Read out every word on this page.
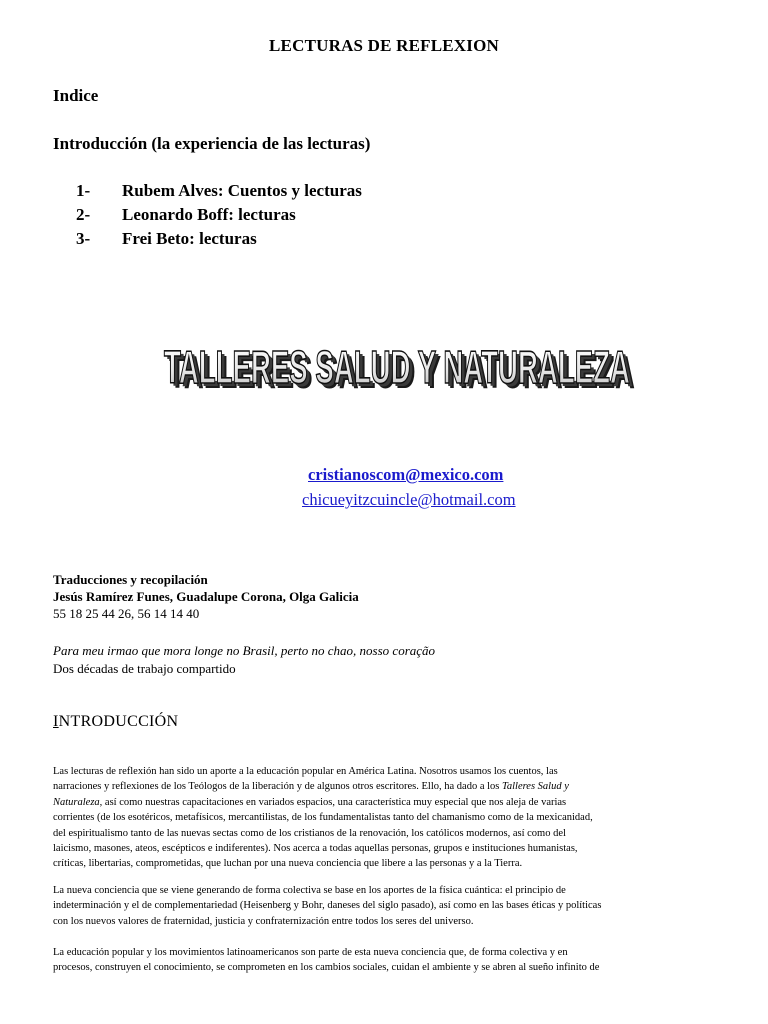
LECTURAS DE REFLEXION
Indice
Introducción (la experiencia de las lecturas)
1- Rubem Alves: Cuentos y lecturas
2- Leonardo Boff: lecturas
3- Frei Beto: lecturas
TALLERES SALUD Y NATURALEZA
TALLERES SALUD Y NATURALEZA
TALLERES SALUD Y NATURALEZA
cristianoscom@mexico.com
chicueyitzcuincle@hotmail.com
Traducciones y recopilación
Jesús Ramírez Funes, Guadalupe Corona, Olga Galicia
55 18 25 44 26, 56 14 14 40
Para meu irmao que mora longe no Brasil, perto no chao, nosso coração
Dos décadas de trabajo compartido
INTRODUCCIÓN
Las lecturas de reflexión han sido un aporte a la educación popular en América Latina. Nosotros usamos los cuentos, las
narraciones y reflexiones de los Teólogos de la liberación y de algunos otros escritores. Ello, ha dado a los Talleres Salud y
Naturaleza, así como nuestras capacitaciones en variados espacios, una característica muy especial que nos aleja de varias
corrientes (de los esotéricos, metafísicos, mercantilistas, de los fundamentalistas tanto del chamanismo como de la mexicanidad,
del espiritualismo tanto de las nuevas sectas como de los cristianos de la renovación, los católicos modernos, así como del
laicismo, masones, ateos, escépticos e indiferentes). Nos acerca a todas aquellas personas, grupos e instituciones humanistas,
críticas, libertarias, comprometidas, que luchan por una nueva conciencia que libere a las personas y a la Tierra.
La nueva conciencia que se viene generando de forma colectiva se base en los aportes de la física cuántica: el principio de
indeterminación y el de complementariedad (Heisenberg y Bohr, daneses del siglo pasado), así como en las bases éticas y políticas
con los nuevos valores de fraternidad, justicia y confraternización entre todos los seres del universo.
La educación popular y los movimientos latinoamericanos son parte de esta nueva conciencia que, de forma colectiva y en
procesos, construyen el conocimiento, se comprometen en los cambios sociales, cuidan el ambiente y se abren al sueño infinito de
